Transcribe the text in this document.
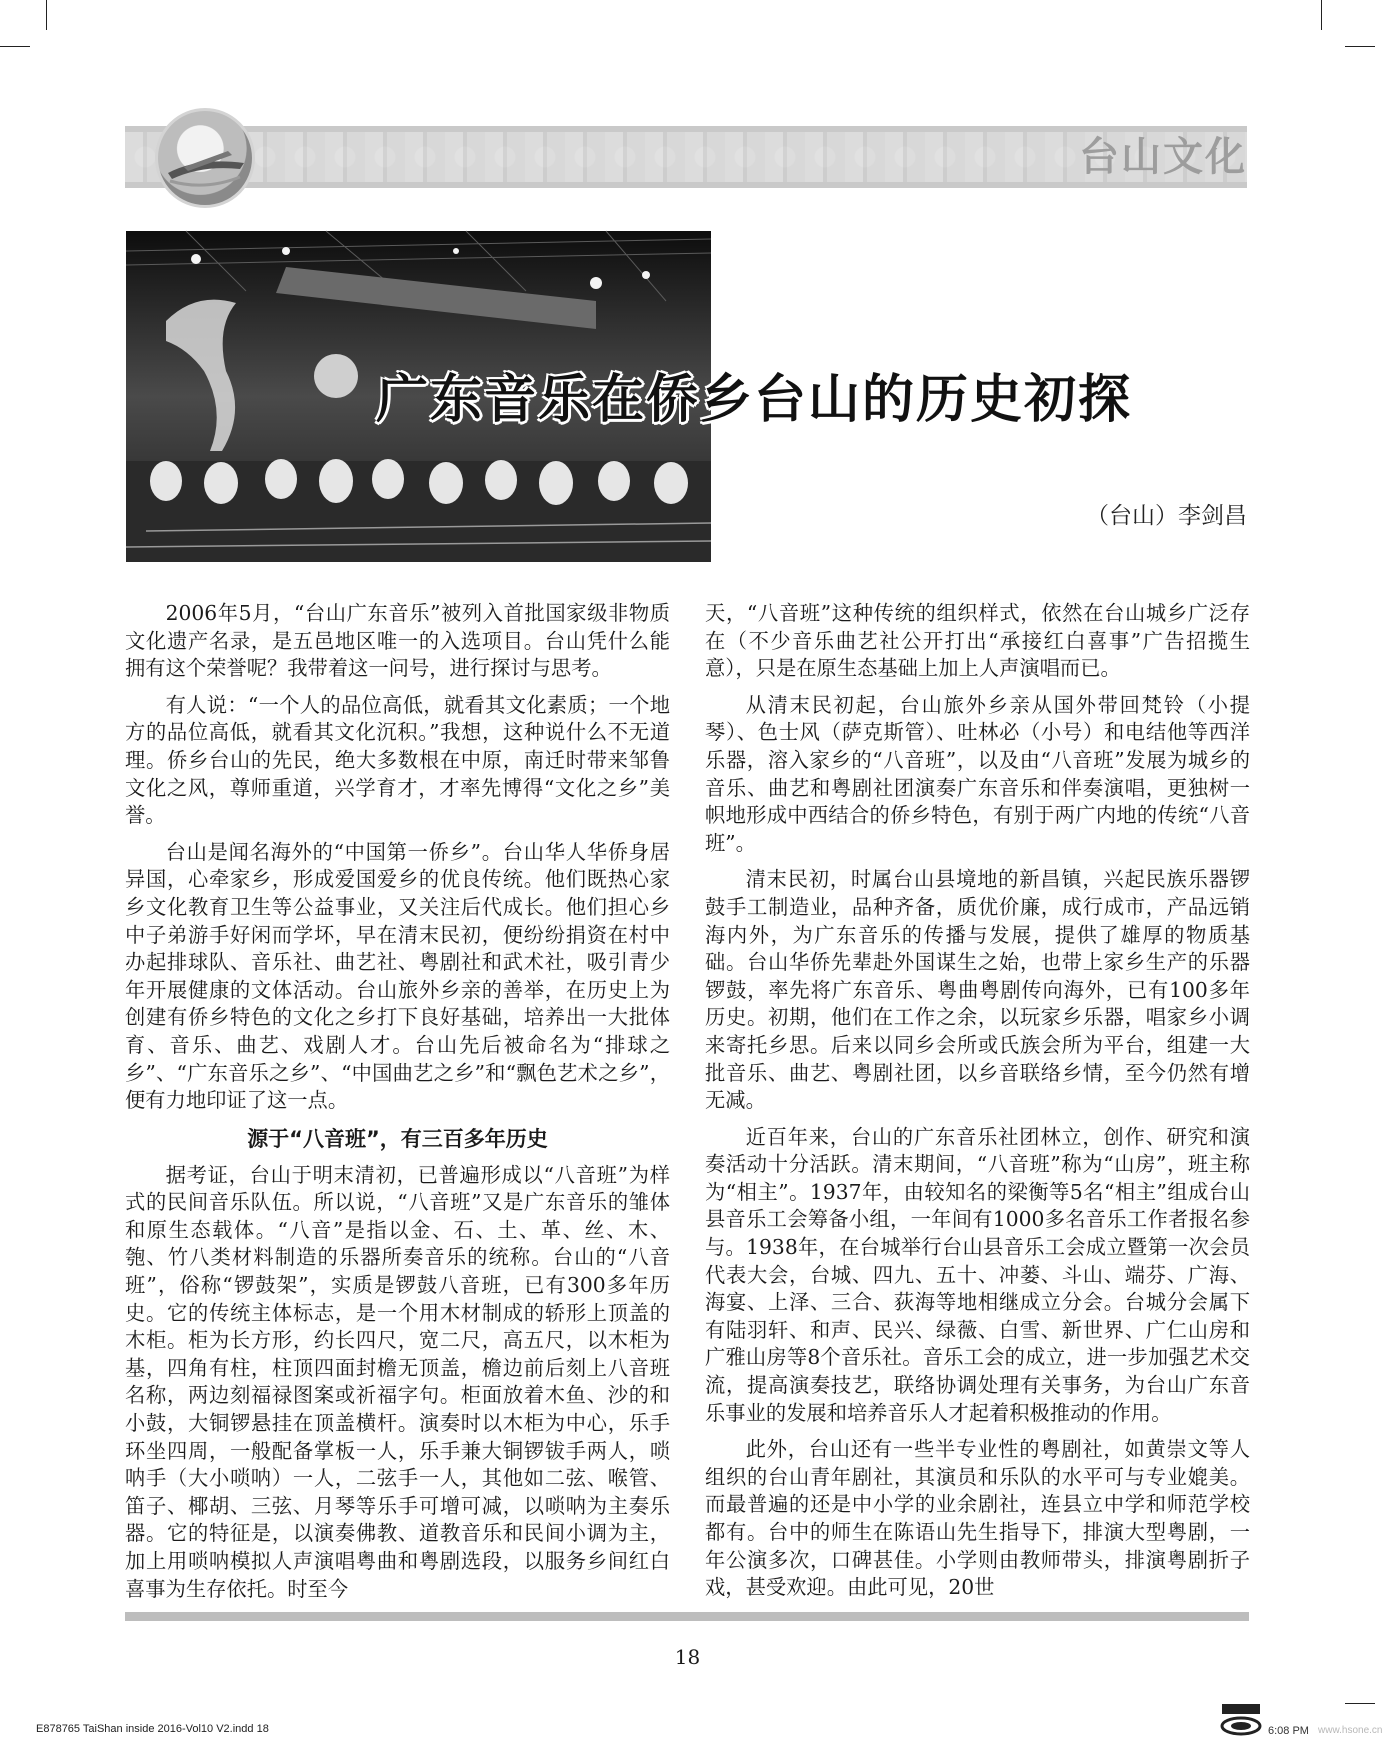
台山文化
广东音乐在侨乡台山的历史初探
（台山）李剑昌

2006年5月，“台山广东音乐”被列入首批国家级非物质文化遗产名录，是五邑地区唯一的入选项目。台山凭什么能拥有这个荣誉呢？我带着这一问号，进行探讨与思考。

有人说：“一个人的品位高低，就看其文化素质；一个地方的品位高低，就看其文化沉积。”我想，这种说什么不无道理。侨乡台山的先民，绝大多数根在中原，南迁时带来邹鲁文化之风，尊师重道，兴学育才，才率先博得“文化之乡”美誉。

台山是闻名海外的“中国第一侨乡”。台山华人华侨身居异国，心牵家乡，形成爱国爱乡的优良传统。他们既热心家乡文化教育卫生等公益事业，又关注后代成长。他们担心乡中子弟游手好闲而学坏，早在清末民初，便纷纷捐资在村中办起排球队、音乐社、曲艺社、粤剧社和武术社，吸引青少年开展健康的文体活动。台山旅外乡亲的善举，在历史上为创建有侨乡特色的文化之乡打下良好基础，培养出一大批体育、音乐、曲艺、戏剧人才。台山先后被命名为“排球之乡”、“广东音乐之乡”、“中国曲艺之乡”和“飘色艺术之乡”，便有力地印证了这一点。

源于“八音班”，有三百多年历史

据考证，台山于明末清初，已普遍形成以“八音班”为样式的民间音乐队伍。所以说，“八音班”又是广东音乐的雏体和原生态载体。“八音”是指以金、石、土、革、丝、木、匏、竹八类材料制造的乐器所奏音乐的统称。台山的“八音班”，俗称“锣鼓架”，实质是锣鼓八音班，已有300多年历史。它的传统主体标志，是一个用木材制成的轿形上顶盖的木柜。柜为长方形，约长四尺，宽二尺，高五尺，以木柜为基，四角有柱，柱顶四面封檐无顶盖，檐边前后刻上八音班名称，两边刻福禄图案或祈福字句。柜面放着木鱼、沙的和小鼓，大铜锣悬挂在顶盖横杆。演奏时以木柜为中心，乐手环坐四周，一般配备掌板一人，乐手兼大铜锣钹手两人，唢呐手（大小唢呐）一人，二弦手一人，其他如二弦、喉管、笛子、椰胡、三弦、月琴等乐手可增可减，以唢呐为主奏乐器。它的特征是，以演奏佛教、道教音乐和民间小调为主，加上用唢呐模拟人声演唱粤曲和粤剧选段，以服务乡间红白喜事为生存依托。时至今

天，“八音班”这种传统的组织样式，依然在台山城乡广泛存在（不少音乐曲艺社公开打出“承接红白喜事”广告招揽生意），只是在原生态基础上加上人声演唱而已。

从清末民初起，台山旅外乡亲从国外带回梵铃（小提琴）、色士风（萨克斯管）、吐林必（小号）和电结他等西洋乐器，溶入家乡的“八音班”，以及由“八音班”发展为城乡的音乐、曲艺和粤剧社团演奏广东音乐和伴奏演唱，更独树一帜地形成中西结合的侨乡特色，有别于两广内地的传统“八音班”。

清末民初，时属台山县境地的新昌镇，兴起民族乐器锣鼓手工制造业，品种齐备，质优价廉，成行成市，产品远销海内外，为广东音乐的传播与发展，提供了雄厚的物质基础。台山华侨先辈赴外国谋生之始，也带上家乡生产的乐器锣鼓，率先将广东音乐、粤曲粤剧传向海外，已有100多年历史。初期，他们在工作之余，以玩家乡乐器，唱家乡小调来寄托乡思。后来以同乡会所或氏族会所为平台，组建一大批音乐、曲艺、粤剧社团，以乡音联络乡情，至今仍然有增无减。

近百年来，台山的广东音乐社团林立，创作、研究和演奏活动十分活跃。清末期间，“八音班”称为“山房”，班主称为“相主”。1937年，由较知名的梁衡等5名“相主”组成台山县音乐工会筹备小组，一年间有1000多名音乐工作者报名参与。1938年，在台城举行台山县音乐工会成立暨第一次会员代表大会，台城、四九、五十、冲蒌、斗山、端芬、广海、海宴、上泽、三合、荻海等地相继成立分会。台城分会属下有陆羽轩、和声、民兴、绿薇、白雪、新世界、广仁山房和广雅山房等8个音乐社。音乐工会的成立，进一步加强艺术交流，提高演奏技艺，联络协调处理有关事务，为台山广东音乐事业的发展和培养音乐人才起着积极推动的作用。

此外，台山还有一些半专业性的粤剧社，如黄崇文等人组织的台山青年剧社，其演员和乐队的水平可与专业媲美。而最普遍的还是中小学的业余剧社，连县立中学和师范学校都有。台中的师生在陈语山先生指导下，排演大型粤剧，一年公演多次，口碑甚佳。小学则由教师带头，排演粤剧折子戏，甚受欢迎。由此可见，20世

18
E878765 TaiShan inside 2016-Vol10 V2.indd 18	6:08 PM www.hsone.cn
